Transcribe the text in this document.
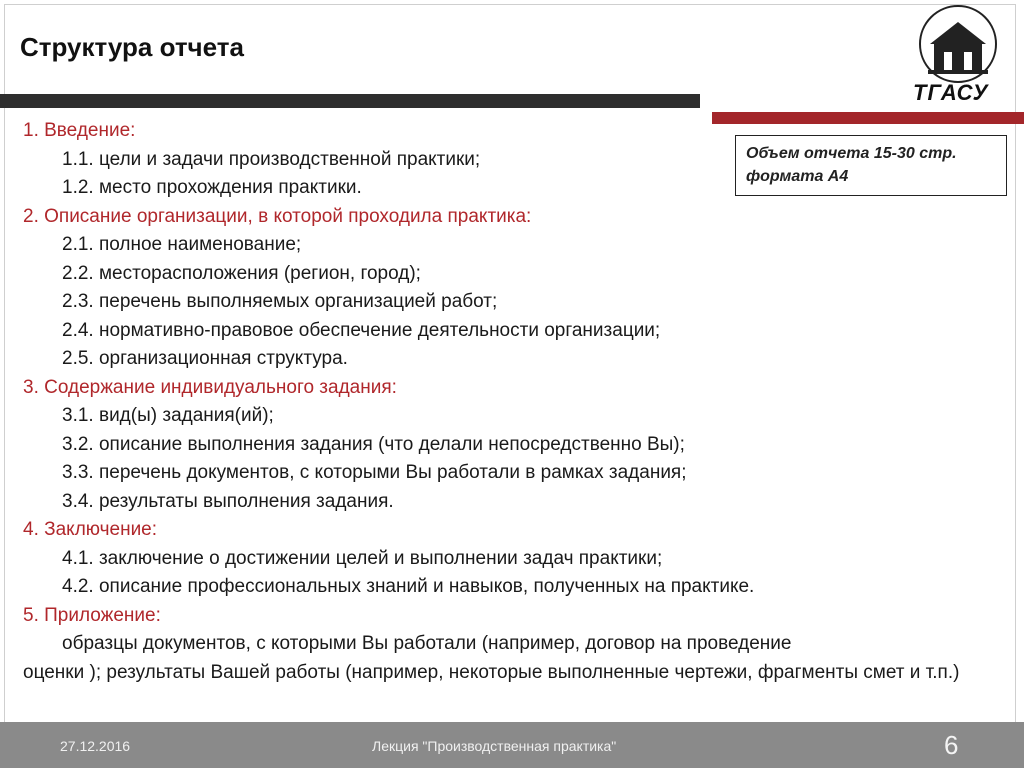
Структура отчета
ТГАСУ
Объем отчета 15-30 стр.
формата А4
1. Введение:
1.1. цели и задачи производственной практики;
1.2. место прохождения практики.
2. Описание организации, в которой проходила практика:
2.1. полное наименование;
2.2. месторасположения (регион, город);
2.3. перечень выполняемых организацией работ;
2.4. нормативно-правовое обеспечение деятельности организации;
2.5. организационная структура.
3. Содержание индивидуального задания:
3.1. вид(ы) задания(ий);
3.2. описание выполнения задания (что делали непосредственно Вы);
3.3. перечень документов, с которыми Вы работали в рамках задания;
3.4. результаты выполнения задания.
4. Заключение:
4.1. заключение о достижении целей и выполнении задач практики;
4.2. описание профессиональных знаний и навыков, полученных на практике.
5. Приложение:
образцы документов, с которыми Вы работали (например, договор на проведение
оценки ); результаты Вашей работы (например, некоторые выполненные чертежи, фрагменты смет и т.п.)
27.12.2016	Лекция "Производственная практика"	6
